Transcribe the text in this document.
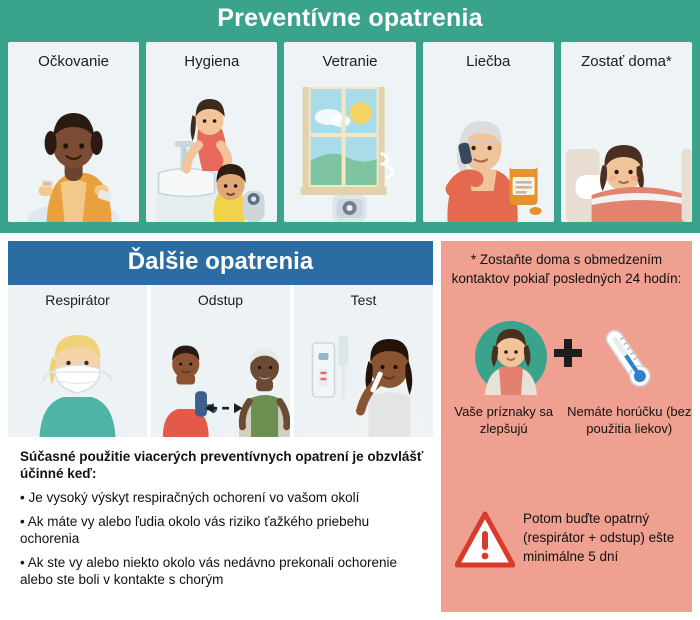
Preventívne opatrenia
Očkovanie	Hygiena	Vetranie	Liečba	Zostať doma*
Ďalšie opatrenia
Respirátor	Odstup	Test
Súčasné použitie viacerých preventívnych opatrení je obzvlášť účinné keď:
• Je vysoký výskyt respiračných ochorení vo vašom okolí
• Ak máte vy alebo ľudia okolo vás riziko ťažkého priebehu ochorenia
• Ak ste vy alebo niekto okolo vás nedávno prekonali ochorenie alebo ste boli v kontakte s chorým
* Zostaňte doma s obmedzením kontaktov pokiaľ posledných 24 hodín:
Vaše príznaky sa zlepšujú
Nemáte horúčku (bez použitia liekov)
Potom buďte opatrný (respirátor + odstup) ešte minimálne 5 dní
